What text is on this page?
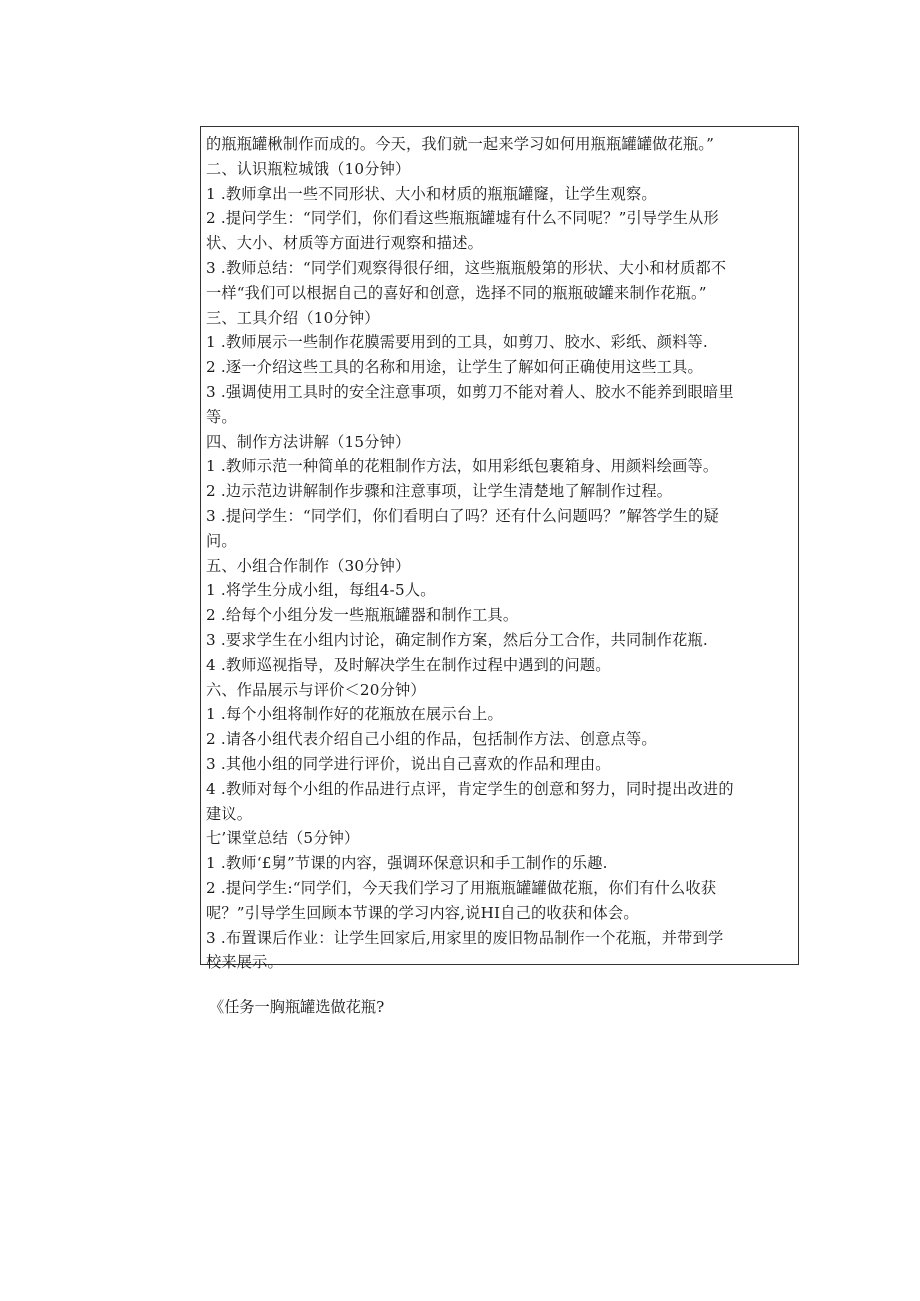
的瓶瓶罐楸制作而成的。今天，我们就一起来学习如何用瓶瓶罐罐做花瓶。”
二、认识瓶粒城饿（10分钟）
1 .教师拿出一些不同形状、大小和材质的瓶瓶罐窿，让学生观察。
2 .提问学生：“同学们，你们看这些瓶瓶罐墟有什么不同呢？”引导学生从形
状、大小、材质等方面进行观察和描述。
3 .教师总结：“同学们观察得很仔细，这些瓶瓶般第的形状、大小和材质都不
一样“我们可以根据自己的喜好和创意，选择不同的瓶瓶破罐来制作花瓶。”
三、工具介绍（10分钟）
1 .教师展示一些制作花膜需要用到的工具，如剪刀、胶水、彩纸、颜料等.
2 .逐一介绍这些工具的名称和用途，让学生了解如何正确使用这些工具。
3 .强调使用工具时的安全注意事项，如剪刀不能对着人、胶水不能养到眼暗里
等。
四、制作方法讲解（15分钟）
1 .教师示范一种简单的花粗制作方法，如用彩纸包裹箱身、用颜料绘画等。
2 .边示范边讲解制作步骤和注意事项，让学生清楚地了解制作过程。
3 .提问学生：“同学们，你们看明白了吗？还有什么问题吗？”解答学生的疑
问。
五、小组合作制作（30分钟）
1 .将学生分成小组，每组4-5人。
2 .给每个小组分发一些瓶瓶罐器和制作工具。
3 .要求学生在小组内讨论，确定制作方案，然后分工合作，共同制作花瓶.
4 .教师巡视指导，及时解决学生在制作过程中遇到的问题。
六、作品展示与评价＜20分钟）
1 .每个小组将制作好的花瓶放在展示台上。
2 .请各小组代表介绍自己小组的作品，包括制作方法、创意点等。
3 .其他小组的同学进行评价，说出自己喜欢的作品和理由。
4 .教师对每个小组的作品进行点评，肯定学生的创意和努力，同时提出改进的
建议。
七’课堂总结（5分钟）
1 .教师‘£舅”节课的内容，强调环保意识和手工制作的乐趣.
2 .提问学生:“同学们，今天我们学习了用瓶瓶罐罐做花瓶，你们有什么收获
呢？”引导学生回顾本节课的学习内容,说HI自己的收获和体会。
3 .布置课后作业：让学生回家后,用家里的废旧物品制作一个花瓶，并带到学
校来展示。
《任务一胸瓶罐选做花瓶?
